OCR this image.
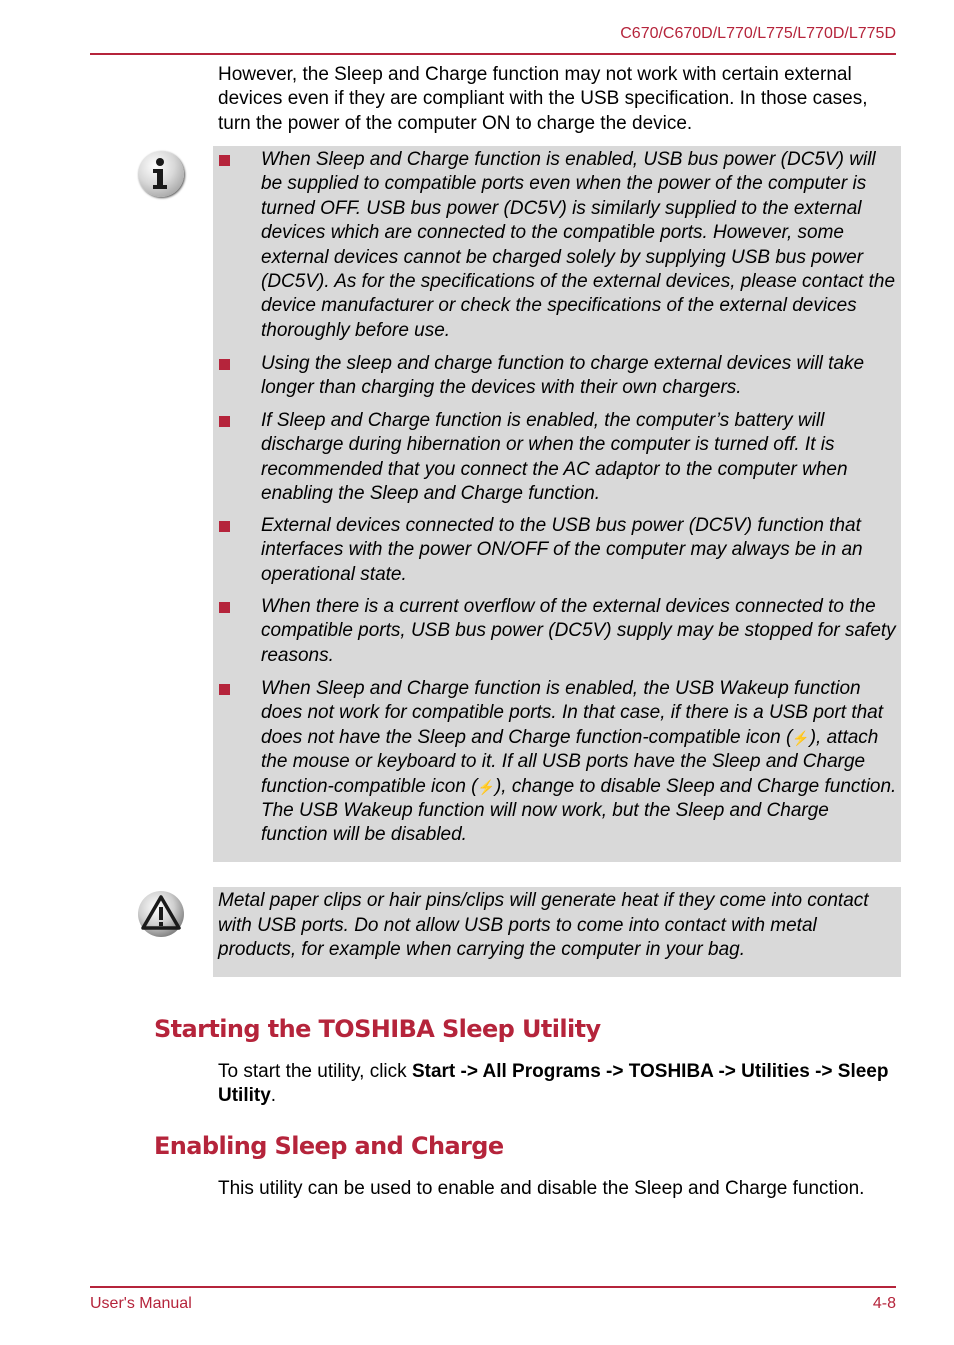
C670/C670D/L770/L775/L770D/L775D
However, the Sleep and Charge function may not work with certain external devices even if they are compliant with the USB specification. In those cases, turn the power of the computer ON to charge the device.
When Sleep and Charge function is enabled, USB bus power (DC5V) will be supplied to compatible ports even when the power of the computer is turned OFF. USB bus power (DC5V) is similarly supplied to the external devices which are connected to the compatible ports. However, some external devices cannot be charged solely by supplying USB bus power (DC5V). As for the specifications of the external devices, please contact the device manufacturer or check the specifications of the external devices thoroughly before use.
Using the sleep and charge function to charge external devices will take longer than charging the devices with their own chargers.
If Sleep and Charge function is enabled, the computer’s battery will discharge during hibernation or when the computer is turned off. It is recommended that you connect the AC adaptor to the computer when enabling the Sleep and Charge function.
External devices connected to the USB bus power (DC5V) function that interfaces with the power ON/OFF of the computer may always be in an operational state.
When there is a current overflow of the external devices connected to the compatible ports, USB bus power (DC5V) supply may be stopped for safety reasons.
When Sleep and Charge function is enabled, the USB Wakeup function does not work for compatible ports. In that case, if there is a USB port that does not have the Sleep and Charge function-compatible icon (⚡), attach the mouse or keyboard to it. If all USB ports have the Sleep and Charge function-compatible icon (⚡), change to disable Sleep and Charge function. The USB Wakeup function will now work, but the Sleep and Charge function will be disabled.
Metal paper clips or hair pins/clips will generate heat if they come into contact with USB ports. Do not allow USB ports to come into contact with metal products, for example when carrying the computer in your bag.
Starting the TOSHIBA Sleep Utility
To start the utility, click Start -> All Programs -> TOSHIBA -> Utilities -> Sleep Utility.
Enabling Sleep and Charge
This utility can be used to enable and disable the Sleep and Charge function.
User's Manual	4-8
